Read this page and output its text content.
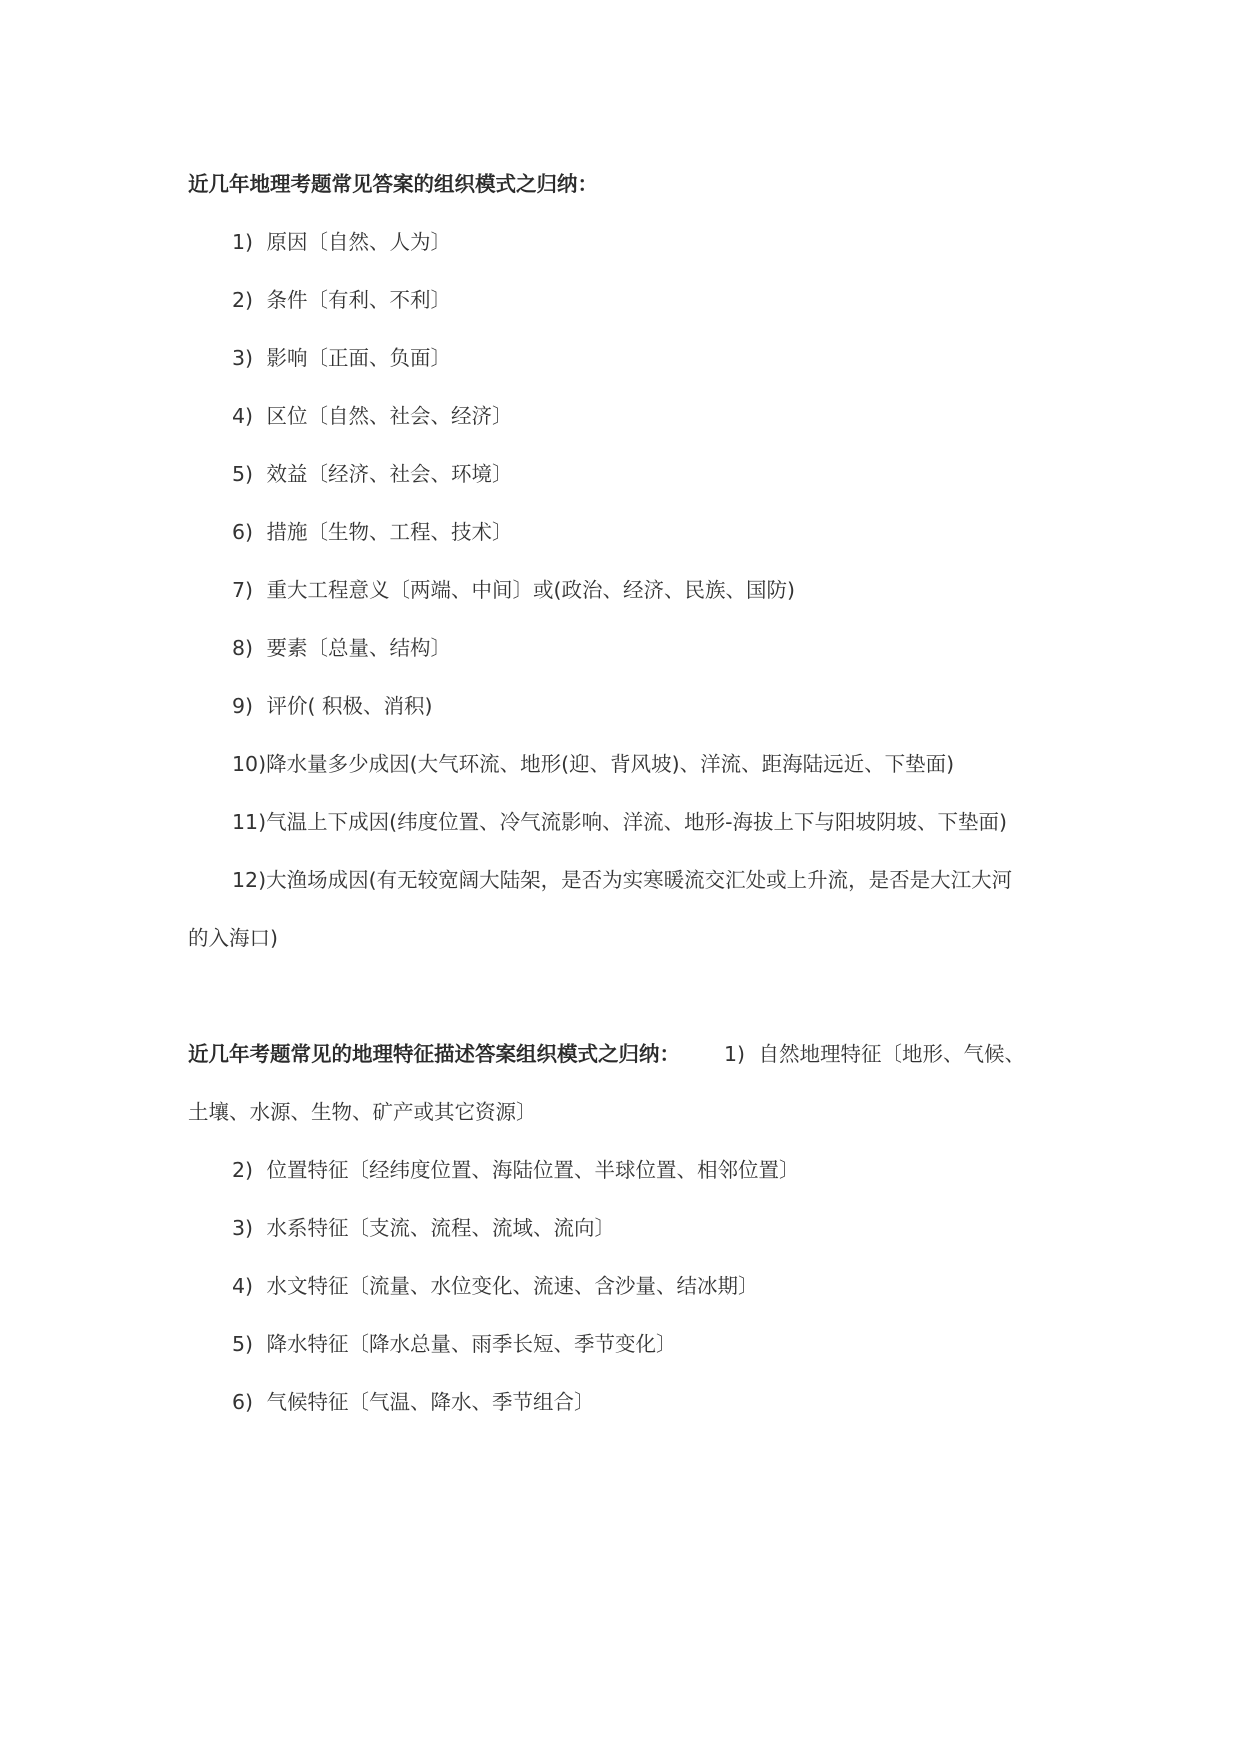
近几年地理考题常见答案的组织模式之归纳：
1) 原因〔自然、人为〕
2) 条件〔有利、不利〕
3) 影响〔正面、负面〕
4) 区位〔自然、社会、经济〕
5) 效益〔经济、社会、环境〕
6) 措施〔生物、工程、技术〕
7) 重大工程意义〔两端、中间〕或(政治、经济、民族、国防)
8) 要素〔总量、结构〕
9) 评价( 积极、消积)
10)降水量多少成因(大气环流、地形(迎、背风坡)、洋流、距海陆远近、下垫面)
11)气温上下成因(纬度位置、冷气流影响、洋流、地形-海拔上下与阳坡阴坡、下垫面)
12)大渔场成因(有无较宽阔大陆架，是否为实寒暖流交汇处或上升流，是否是大江大河
的入海口)
近几年考题常见的地理特征描述答案组织模式之归纳： 1) 自然地理特征〔地形、气候、
土壤、水源、生物、矿产或其它资源〕
2) 位置特征〔经纬度位置、海陆位置、半球位置、相邻位置〕
3) 水系特征〔支流、流程、流域、流向〕
4) 水文特征〔流量、水位变化、流速、含沙量、结冰期〕
5) 降水特征〔降水总量、雨季长短、季节变化〕
6) 气候特征〔气温、降水、季节组合〕
